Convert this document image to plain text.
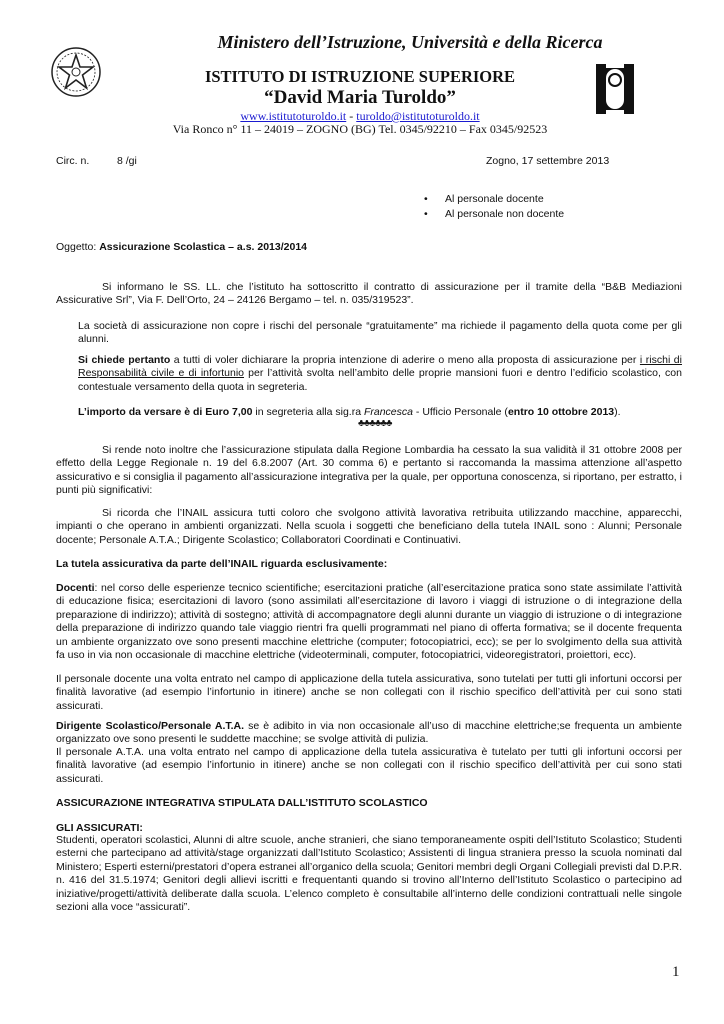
Ministero dell’Istruzione, Università e della Ricerca
ISTITUTO DI ISTRUZIONE SUPERIORE
“David Maria Turoldo”
www.istitutoturoldo.it - turoldo@istitutoturoldo.it
Via Ronco n° 11 – 24019 – ZOGNO (BG) Tel. 0345/92210 – Fax 0345/92523
Circ. n.	8 /gi	Zogno, 17 settembre 2013
• Al personale docente
• Al personale non docente

Oggetto: Assicurazione Scolastica – a.s. 2013/2014

Si informano le SS. LL. che l’istituto ha sottoscritto il contratto di assicurazione per il tramite della “B&B Mediazioni Assicurative Srl”, Via F. Dell’Orto, 24 – 24126 Bergamo – tel. n. 035/319523”.

La società di assicurazione non copre i rischi del personale “gratuitamente” ma richiede il pagamento della quota come per gli alunni.

Si chiede pertanto a tutti di voler dichiarare la propria intenzione di aderire o meno alla proposta di assicurazione per i rischi di Responsabilità civile e di infortunio per l’attività svolta nell’ambito delle proprie mansioni fuori e dentro l’edificio scolastico, con contestuale versamento della quota in segreteria.

L’importo da versare è di Euro 7,00 in segreteria alla sig.ra Francesca - Ufficio Personale (entro 10 ottobre 2013).

♣♣♣♣♣♣

Si rende noto inoltre che l’assicurazione stipulata dalla Regione Lombardia ha cessato la sua validità il 31 ottobre 2008 per effetto della Legge Regionale n. 19 del 6.8.2007 (Art. 30 comma 6) e pertanto si raccomanda la massima attenzione all’aspetto assicurativo e si consiglia il pagamento all’assicurazione integrativa per la quale, per opportuna conoscenza, si riportano, per estratto, i punti più significativi:

Si ricorda che l’INAIL assicura tutti coloro che svolgono attività lavorativa retribuita utilizzando macchine, apparecchi, impianti o che operano in ambienti organizzati. Nella scuola i soggetti che beneficiano della tutela INAIL sono : Alunni; Personale docente; Personale A.T.A.; Dirigente Scolastico; Collaboratori Coordinati e Continuativi.

La tutela assicurativa da parte dell’INAIL riguarda esclusivamente:

Docenti: nel corso delle esperienze tecnico scientifiche; esercitazioni pratiche (all’esercitazione pratica sono state assimilate l’attività di educazione fisica; esercitazioni di lavoro (sono assimilati all’esercitazione di lavoro i viaggi di istruzione o di integrazione della preparazione di indirizzo); attività di sostegno; attività di accompagnatore degli alunni durante un viaggio di istruzione o di integrazione della preparazione di indirizzo quando tale viaggio rientri fra quelli programmati nel piano di offerta formativa; se il docente frequenta un ambiente organizzato ove sono presenti macchine elettriche (computer; fotocopiatrici, ecc); se per lo svolgimento della sua attività fa uso in via non occasionale di macchine elettriche (videoterminali, computer, fotocopiatrici, videoregistratori, proiettori, ecc).

Il personale docente una volta entrato nel campo di applicazione della tutela assicurativa, sono tutelati per tutti gli infortuni occorsi per finalità lavorative (ad esempio l’infortunio in itinere) anche se non collegati con il rischio specifico dell’attività per cui sono stati assicurati.

Dirigente Scolastico/Personale A.T.A. se è adibito in via non occasionale all’uso di macchine elettriche;se frequenta un ambiente organizzato ove sono presenti le suddette macchine; se svolge attività di pulizia.

Il personale A.T.A. una volta entrato nel campo di applicazione della tutela assicurativa è tutelato per tutti gli infortuni occorsi per finalità lavorative (ad esempio l’infortunio in itinere) anche se non collegati con il rischio specifico dell’attività per cui sono stati assicurati.

ASSICURAZIONE INTEGRATIVA STIPULATA DALL’ISTITUTO SCOLASTICO

GLI ASSICURATI:

Studenti, operatori scolastici, Alunni di altre scuole, anche stranieri, che siano temporaneamente ospiti dell’Istituto Scolastico; Studenti esterni che partecipano ad attività/stage organizzati dall’Istituto Scolastico; Assistenti di lingua straniera presso la scuola nominati dal Ministero; Esperti esterni/prestatori d’opera estranei all’organico della scuola; Genitori membri degli Organi Collegiali previsti dal D.P.R. n. 416 del 31.5.1974; Genitori degli allievi iscritti e frequentanti quando si trovino all’Interno dell’Istituto Scolastico o partecipino ad iniziative/progetti/attività deliberate dalla scuola. L’elenco completo è consultabile all’interno delle condizioni contrattuali nelle singole sezioni alla voce “assicurati”.

1
